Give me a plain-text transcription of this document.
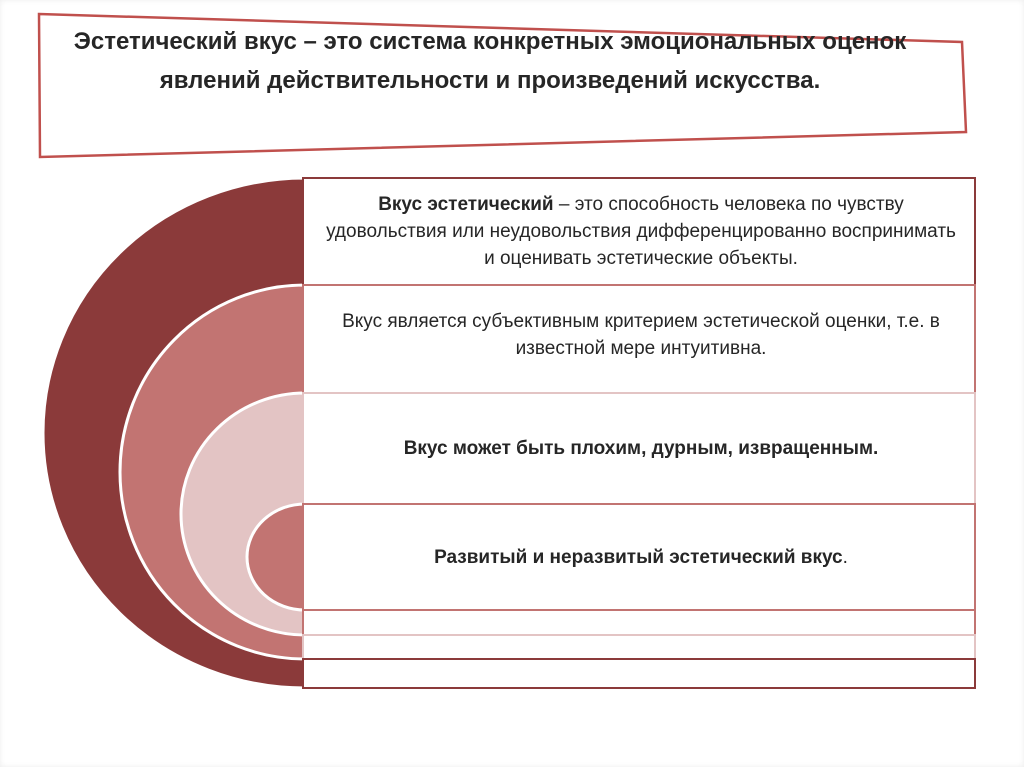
Эстетический вкус – это система конкретных эмоциональных оценок явлений действительности и произведений искусства.
Вкус эстетический – это способность человека по чувству удовольствия или неудовольствия дифференцированно воспринимать и оценивать эстетические объекты.
Вкус является субъективным критерием эстетической оценки, т.е. в известной мере интуитивна.
Вкус может быть плохим, дурным, извращенным.
Развитый и неразвитый эстетический вкус.
